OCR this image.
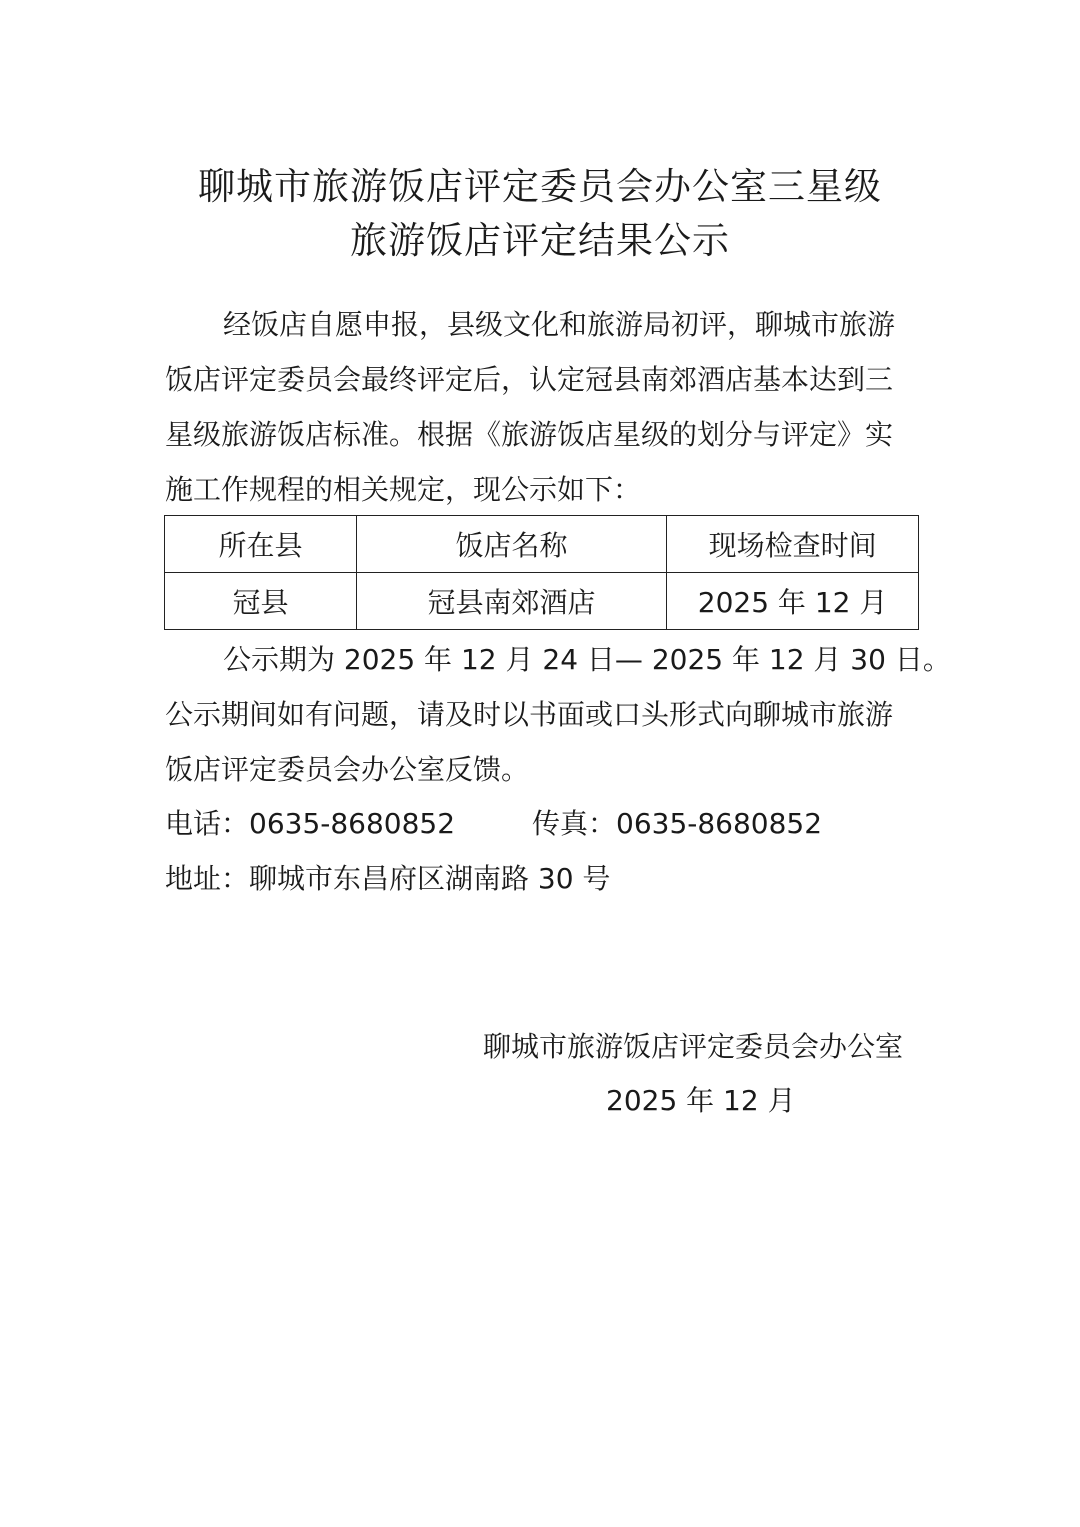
聊城市旅游饭店评定委员会办公室三星级
旅游饭店评定结果公示
经饭店自愿申报，县级文化和旅游局初评，聊城市旅游
饭店评定委员会最终评定后，认定冠县南郊酒店基本达到三
星级旅游饭店标准。根据《旅游饭店星级的划分与评定》实
施工作规程的相关规定，现公示如下：
所在县	饭店名称	现场检查时间
冠县	冠县南郊酒店	2025 年 12 月
公示期为 2025 年 12 月 24 日— 2025 年 12 月 30 日。
公示期间如有问题，请及时以书面或口头形式向聊城市旅游
饭店评定委员会办公室反馈。
电话：0635-8680852	传真：0635-8680852
地址：聊城市东昌府区湖南路 30 号
聊城市旅游饭店评定委员会办公室
2025 年 12 月
